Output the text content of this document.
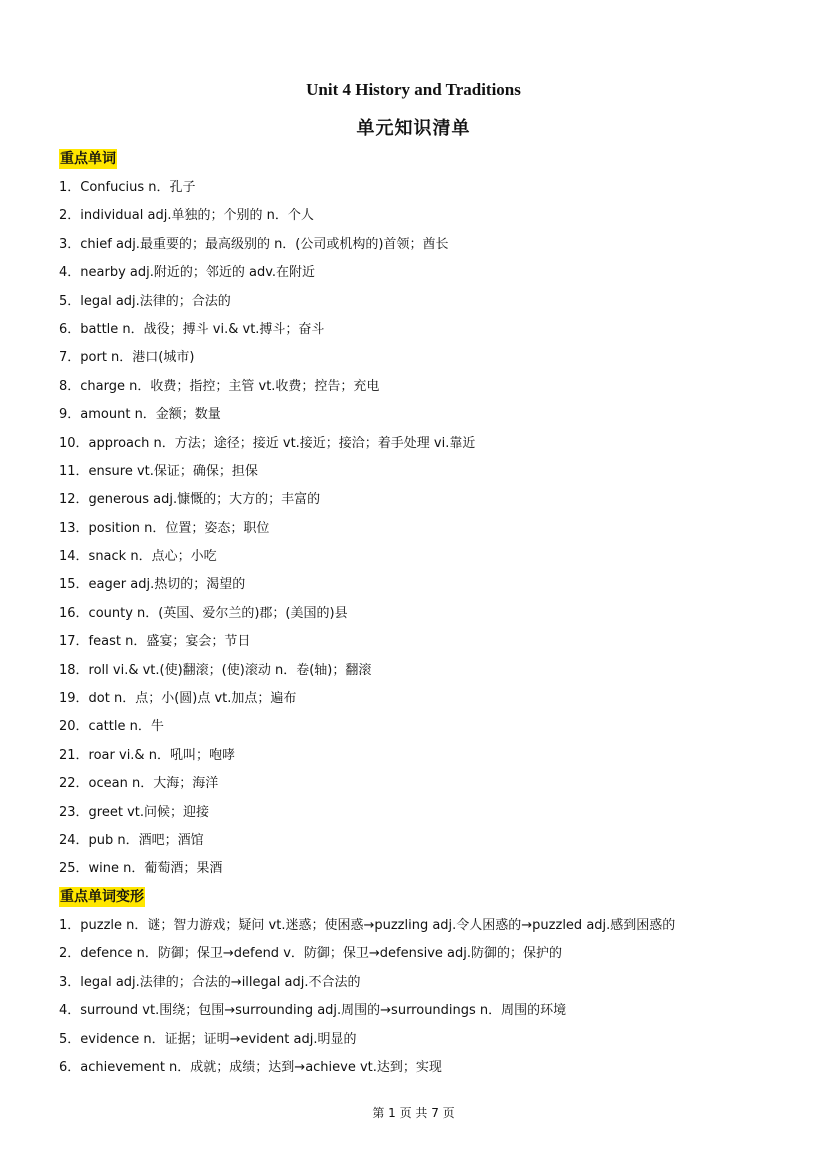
Unit 4 History and Traditions
单元知识清单
重点单词
1．Confucius n．孔子
2．individual adj.单独的；个别的 n．个人
3．chief adj.最重要的；最高级别的 n．(公司或机构的)首领；酋长
4．nearby adj.附近的；邻近的 adv.在附近
5．legal adj.法律的；合法的
6．battle n．战役；搏斗 vi.& vt.搏斗；奋斗
7．port n．港口(城市)
8．charge n．收费；指控；主管 vt.收费；控告；充电
9．amount n．金额；数量
10．approach n．方法；途径；接近 vt.接近；接洽；着手处理 vi.靠近
11．ensure vt.保证；确保；担保
12．generous adj.慷慨的；大方的；丰富的
13．position n．位置；姿态；职位
14．snack n．点心；小吃
15．eager adj.热切的；渴望的
16．county n．(英国、爱尔兰的)郡；(美国的)县
17．feast n．盛宴；宴会；节日
18．roll vi.& vt.(使)翻滚；(使)滚动 n．卷(轴)；翻滚
19．dot n．点；小(圆)点 vt.加点；遍布
20．cattle n．牛
21．roar vi.& n．吼叫；咆哮
22．ocean n．大海；海洋
23．greet vt.问候；迎接
24．pub n．酒吧；酒馆
25．wine n．葡萄酒；果酒
重点单词变形
1．puzzle n．谜；智力游戏；疑问 vt.迷惑；使困惑→puzzling adj.令人困惑的→puzzled adj.感到困惑的
2．defence n．防御；保卫→defend v．防御；保卫→defensive adj.防御的；保护的
3．legal adj.法律的；合法的→illegal adj.不合法的
4．surround vt.围绕；包围→surrounding adj.周围的→surroundings n．周围的环境
5．evidence n．证据；证明→evident adj.明显的
6．achievement n．成就；成绩；达到→achieve vt.达到；实现
第 1 页 共 7 页
